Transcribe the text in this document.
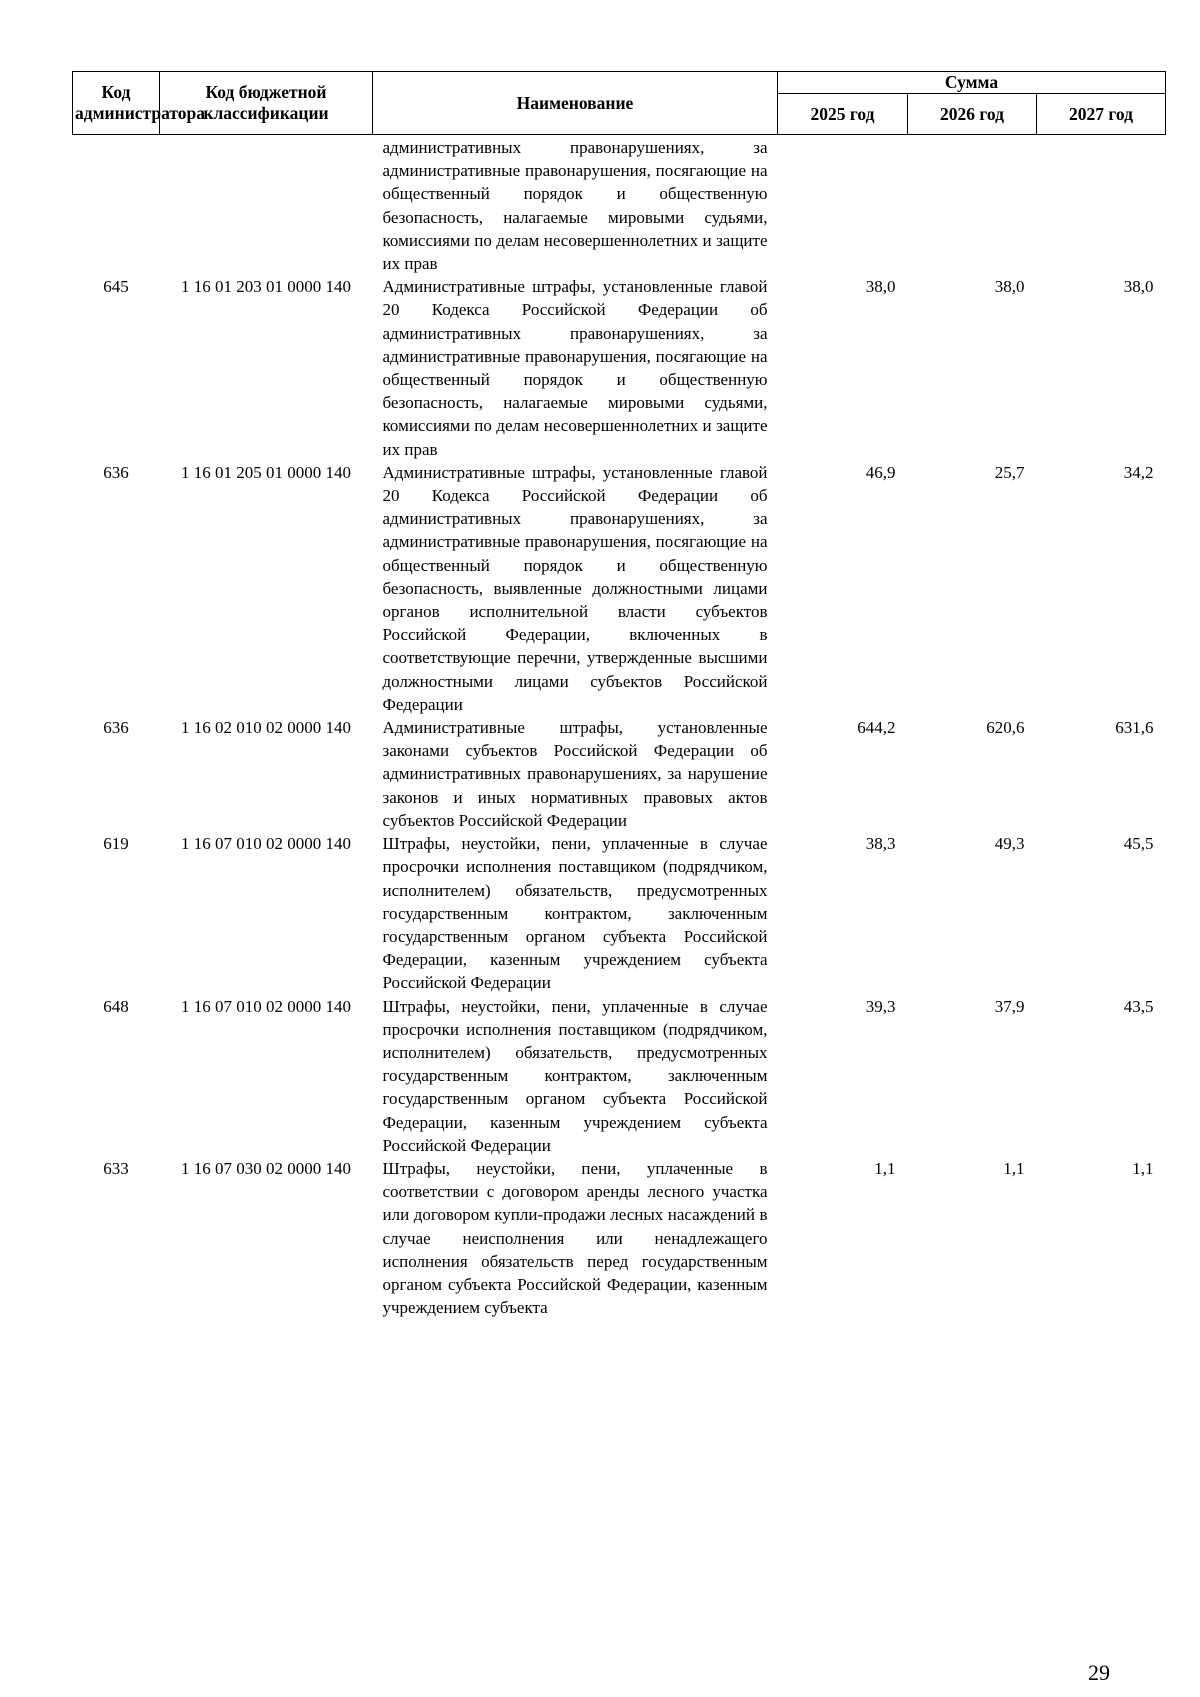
Код администратора	Код бюджетной классификации	Наименование	Сумма		
			2025 год	2026 год	2027 год
		административных правонарушениях, за административные правонарушения, посягающие на общественный порядок и общественную безопасность, налагаемые мировыми судьями, комиссиями по делам несовершеннолетних и защите их прав			
645	1 16 01 203 01 0000 140	Административные штрафы, установленные главой 20 Кодекса Российской Федерации об административных правонарушениях, за административные правонарушения, посягающие на общественный порядок и общественную безопасность, налагаемые мировыми судьями, комиссиями по делам несовершеннолетних и защите их прав	38,0	38,0	38,0
636	1 16 01 205 01 0000 140	Административные штрафы, установленные главой 20 Кодекса Российской Федерации об административных правонарушениях, за административные правонарушения, посягающие на общественный порядок и общественную безопасность, выявленные должностными лицами органов исполнительной власти субъектов Российской Федерации, включенных в соответствующие перечни, утвержденные высшими должностными лицами субъектов Российской Федерации	46,9	25,7	34,2
636	1 16 02 010 02 0000 140	Административные штрафы, установленные законами субъектов Российской Федерации об административных правонарушениях, за нарушение законов и иных нормативных правовых актов субъектов Российской Федерации	644,2	620,6	631,6
619	1 16 07 010 02 0000 140	Штрафы, неустойки, пени, уплаченные в случае просрочки исполнения поставщиком (подрядчиком, исполнителем) обязательств, предусмотренных государственным контрактом, заключенным государственным органом субъекта Российской Федерации, казенным учреждением субъекта Российской Федерации	38,3	49,3	45,5
648	1 16 07 010 02 0000 140	Штрафы, неустойки, пени, уплаченные в случае просрочки исполнения поставщиком (подрядчиком, исполнителем) обязательств, предусмотренных государственным контрактом, заключенным государственным органом субъекта Российской Федерации, казенным учреждением субъекта Российской Федерации	39,3	37,9	43,5
633	1 16 07 030 02 0000 140	Штрафы, неустойки, пени, уплаченные в соответствии с договором аренды лесного участка или договором купли-продажи лесных насаждений в случае неисполнения или ненадлежащего исполнения обязательств перед государственным органом субъекта Российской Федерации, казенным учреждением субъекта	1,1	1,1	1,1
29
